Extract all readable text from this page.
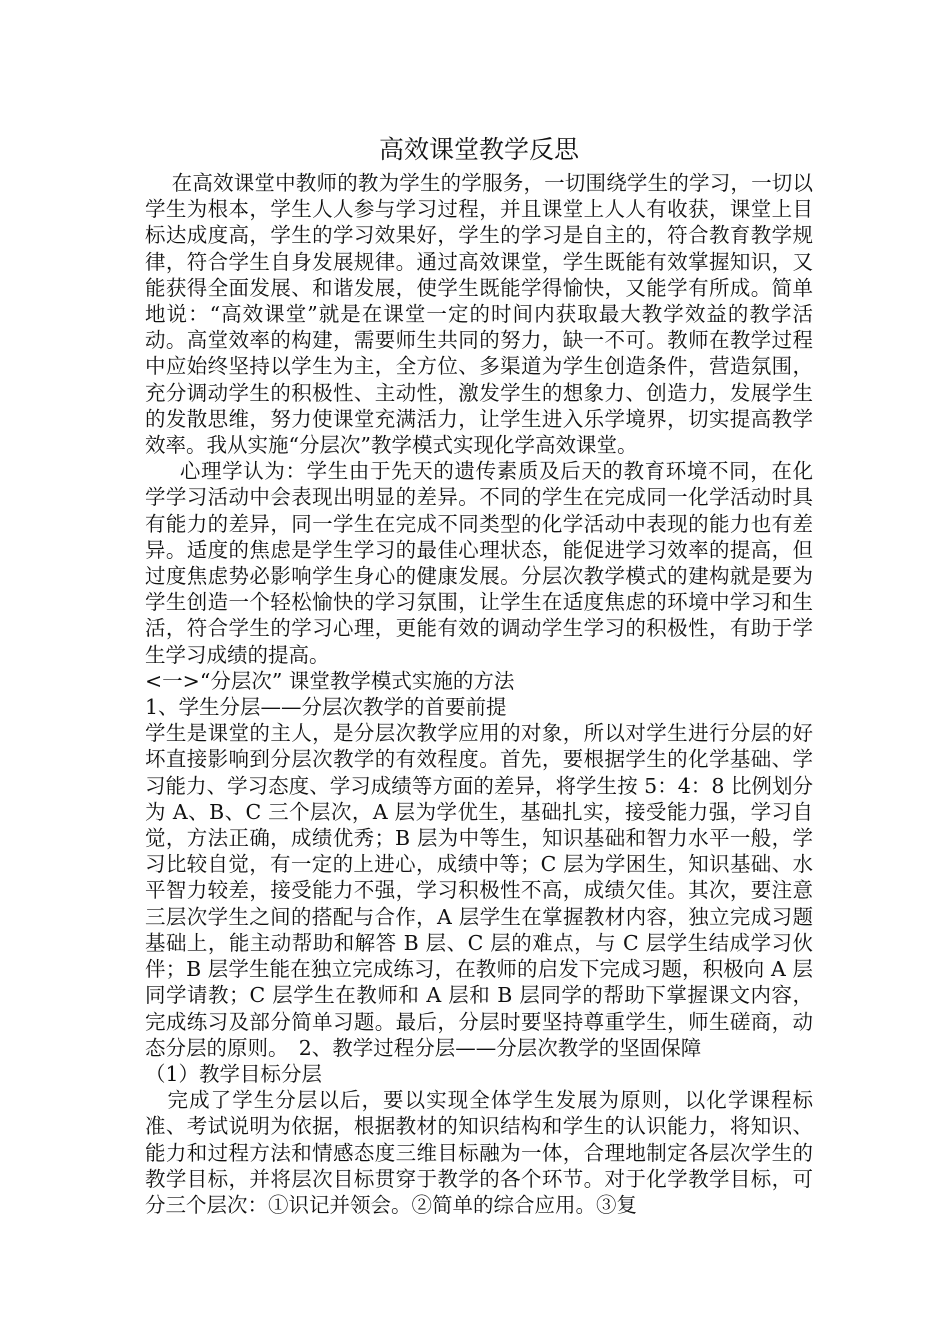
高效课堂教学反思

在高效课堂中教师的教为学生的学服务，一切围绕学生的学习，一切以学生为根本，学生人人参与学习过程，并且课堂上人人有收获，课堂上目标达成度高，学生的学习效果好，学生的学习是自主的，符合教育教学规律，符合学生自身发展规律。通过高效课堂，学生既能有效掌握知识，又能获得全面发展、和谐发展，使学生既能学得愉快，又能学有所成。简单地说：“高效课堂”就是在课堂一定的时间内获取最大教学效益的教学活动。高堂效率的构建，需要师生共同的努力，缺一不可。教师在教学过程中应始终坚持以学生为主，全方位、多渠道为学生创造条件，营造氛围，充分调动学生的积极性、主动性，激发学生的想象力、创造力，发展学生的发散思维，努力使课堂充满活力，让学生进入乐学境界，切实提高教学效率。我从实施“分层次”教学模式实现化学高效课堂。

心理学认为：学生由于先天的遗传素质及后天的教育环境不同，在化学学习活动中会表现出明显的差异。不同的学生在完成同一化学活动时具有能力的差异，同一学生在完成不同类型的化学活动中表现的能力也有差异。适度的焦虑是学生学习的最佳心理状态，能促进学习效率的提高，但过度焦虑势必影响学生身心的健康发展。分层次教学模式的建构就是要为学生创造一个轻松愉快的学习氛围，让学生在适度焦虑的环境中学习和生活，符合学生的学习心理，更能有效的调动学生学习的积极性，有助于学生学习成绩的提高。

<一>“分层次” 课堂教学模式实施的方法

1、学生分层——分层次教学的首要前提

学生是课堂的主人，是分层次教学应用的对象，所以对学生进行分层的好坏直接影响到分层次教学的有效程度。首先，要根据学生的化学基础、学习能力、学习态度、学习成绩等方面的差异，将学生按 5：4：8 比例划分为 A、B、C 三个层次，A 层为学优生，基础扎实，接受能力强，学习自觉，方法正确，成绩优秀；B 层为中等生，知识基础和智力水平一般，学习比较自觉，有一定的上进心，成绩中等；C 层为学困生，知识基础、水平智力较差，接受能力不强，学习积极性不高，成绩欠佳。其次，要注意三层次学生之间的搭配与合作，A 层学生在掌握教材内容，独立完成习题基础上，能主动帮助和解答 B 层、C 层的难点，与 C 层学生结成学习伙伴；B 层学生能在独立完成练习，在教师的启发下完成习题，积极向 A 层同学请教；C 层学生在教师和 A 层和 B 层同学的帮助下掌握课文内容，完成练习及部分简单习题。最后，分层时要坚持尊重学生，师生磋商，动态分层的原则。　2、教学过程分层——分层次教学的坚固保障

（1）教学目标分层

完成了学生分层以后，要以实现全体学生发展为原则，以化学课程标准、考试说明为依据，根据教材的知识结构和学生的认识能力，将知识、能力和过程方法和情感态度三维目标融为一体，合理地制定各层次学生的教学目标，并将层次目标贯穿于教学的各个环节。对于化学教学目标，可分三个层次：①识记并领会。②简单的综合应用。③复
